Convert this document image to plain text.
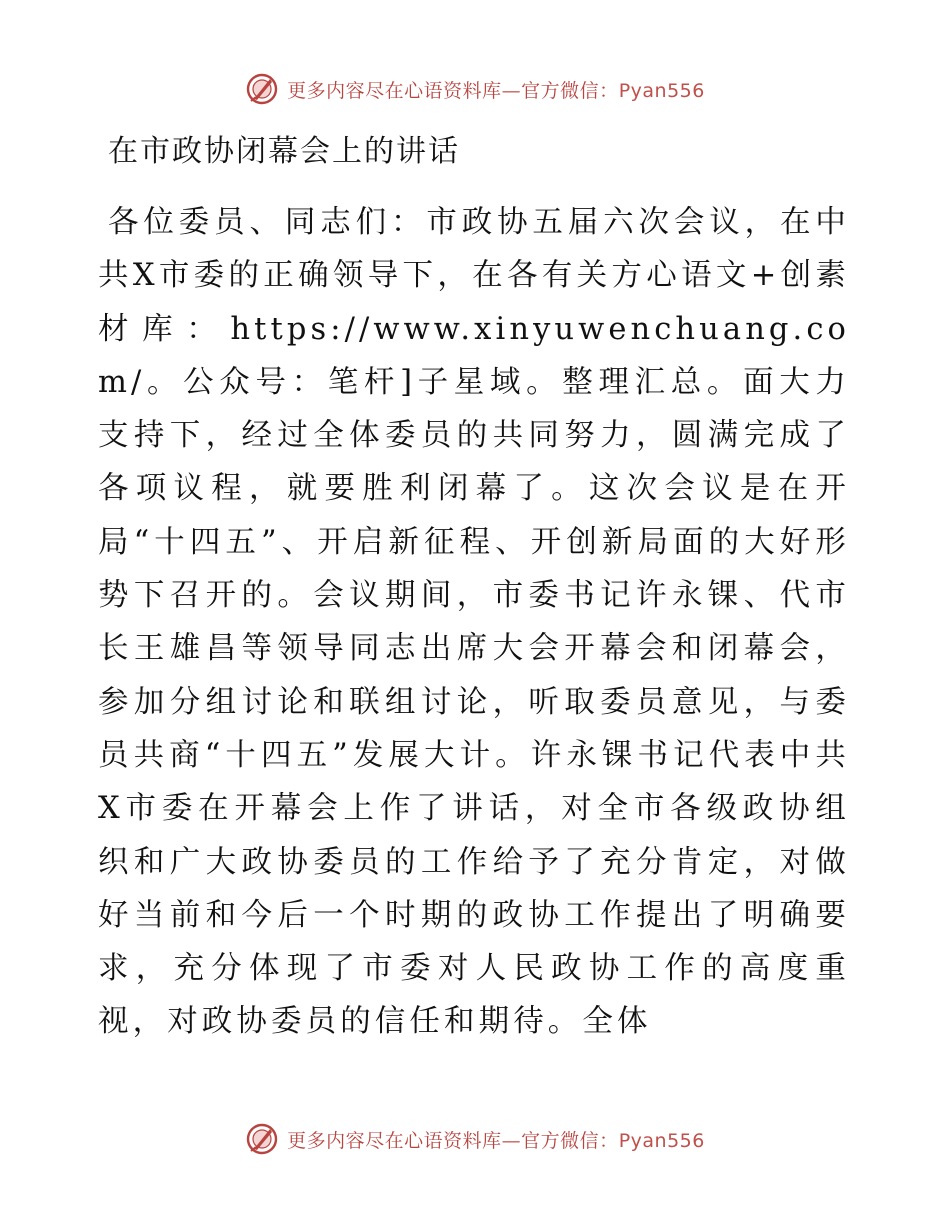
更多内容尽在心语资料库—官方微信：Pyan556
在市政协闭幕会上的讲话

各位委员、同志们：市政协五届六次会议，在中共X市委的正确领导下，在各有关方心语文+创素材库：https://www.xinyuwenchuang.com/。公众号：笔杆]子星域。整理汇总。面大力支持下，经过全体委员的共同努力，圆满完成了各项议程，就要胜利闭幕了。这次会议是在开局“十四五”、开启新征程、开创新局面的大好形势下召开的。会议期间，市委书记许永锞、代市长王雄昌等领导同志出席大会开幕会和闭幕会，参加分组讨论和联组讨论，听取委员意见，与委员共商“十四五”发展大计。许永锞书记代表中共X市委在开幕会上作了讲话，对全市各级政协组织和广大政协委员的工作给予了充分肯定，对做好当前和今后一个时期的政协工作提出了明确要求，充分体现了市委对人民政协工作的高度重视，对政协委员的信任和期待。全体

更多内容尽在心语资料库—官方微信：Pyan556
